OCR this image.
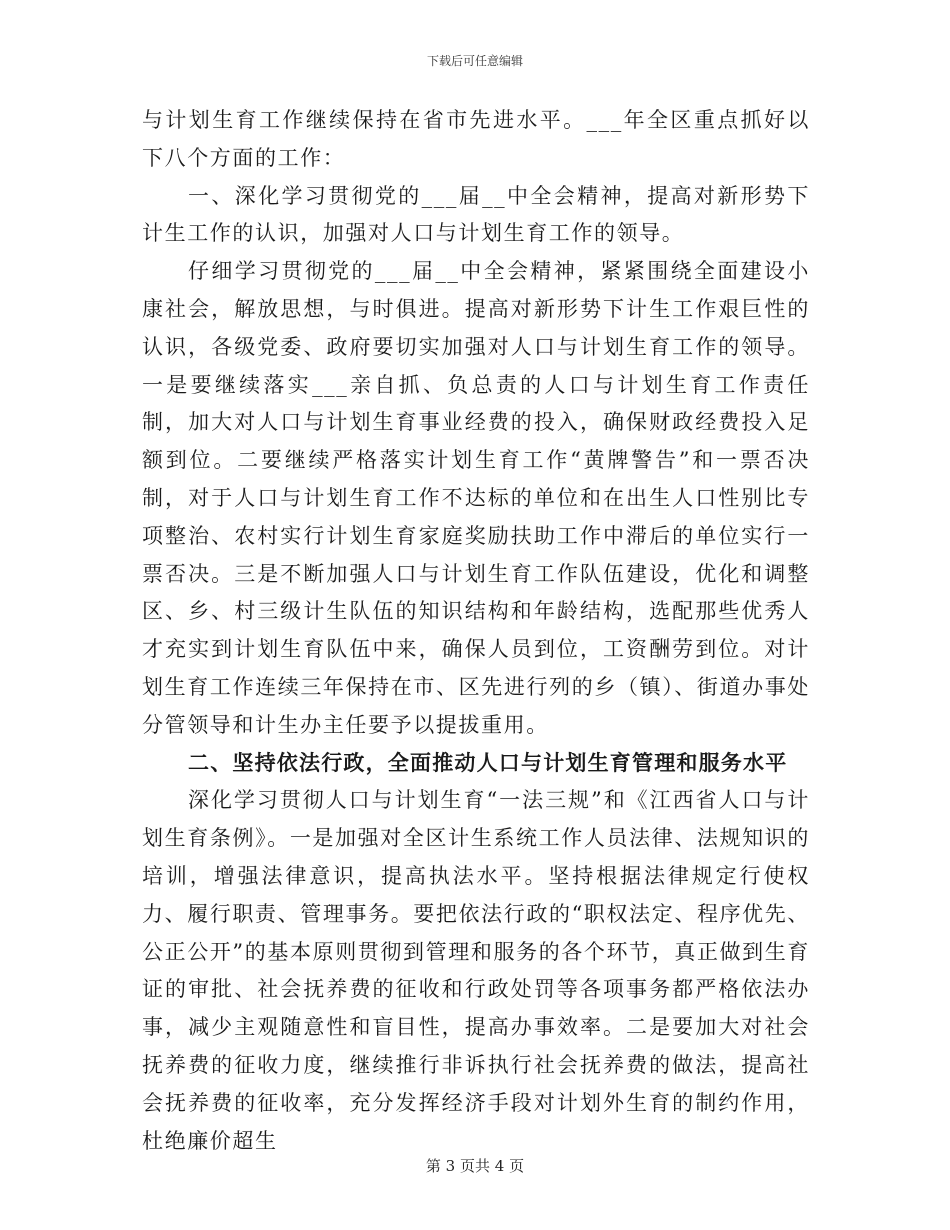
下载后可任意编辑

与计划生育工作继续保持在省市先进水平。___年全区重点抓好以下八个方面的工作：

一、深化学习贯彻党的___届__中全会精神，提高对新形势下计生工作的认识，加强对人口与计划生育工作的领导。

仔细学习贯彻党的___届__中全会精神，紧紧围绕全面建设小康社会，解放思想，与时俱进。提高对新形势下计生工作艰巨性的认识，各级党委、政府要切实加强对人口与计划生育工作的领导。一是要继续落实___亲自抓、负总责的人口与计划生育工作责任制，加大对人口与计划生育事业经费的投入，确保财政经费投入足额到位。二要继续严格落实计划生育工作“黄牌警告”和一票否决制，对于人口与计划生育工作不达标的单位和在出生人口性别比专项整治、农村实行计划生育家庭奖励扶助工作中滞后的单位实行一票否决。三是不断加强人口与计划生育工作队伍建设，优化和调整区、乡、村三级计生队伍的知识结构和年龄结构，选配那些优秀人才充实到计划生育队伍中来，确保人员到位，工资酬劳到位。对计划生育工作连续三年保持在市、区先进行列的乡（镇）、街道办事处分管领导和计生办主任要予以提拔重用。

二、坚持依法行政，全面推动人口与计划生育管理和服务水平

深化学习贯彻人口与计划生育“一法三规”和《江西省人口与计划生育条例》。一是加强对全区计生系统工作人员法律、法规知识的培训，增强法律意识，提高执法水平。坚持根据法律规定行使权力、履行职责、管理事务。要把依法行政的“职权法定、程序优先、公正公开”的基本原则贯彻到管理和服务的各个环节，真正做到生育证的审批、社会抚养费的征收和行政处罚等各项事务都严格依法办事，减少主观随意性和盲目性，提高办事效率。二是要加大对社会抚养费的征收力度，继续推行非诉执行社会抚养费的做法，提高社会抚养费的征收率，充分发挥经济手段对计划外生育的制约作用，杜绝廉价超生

第 3 页共 4 页
